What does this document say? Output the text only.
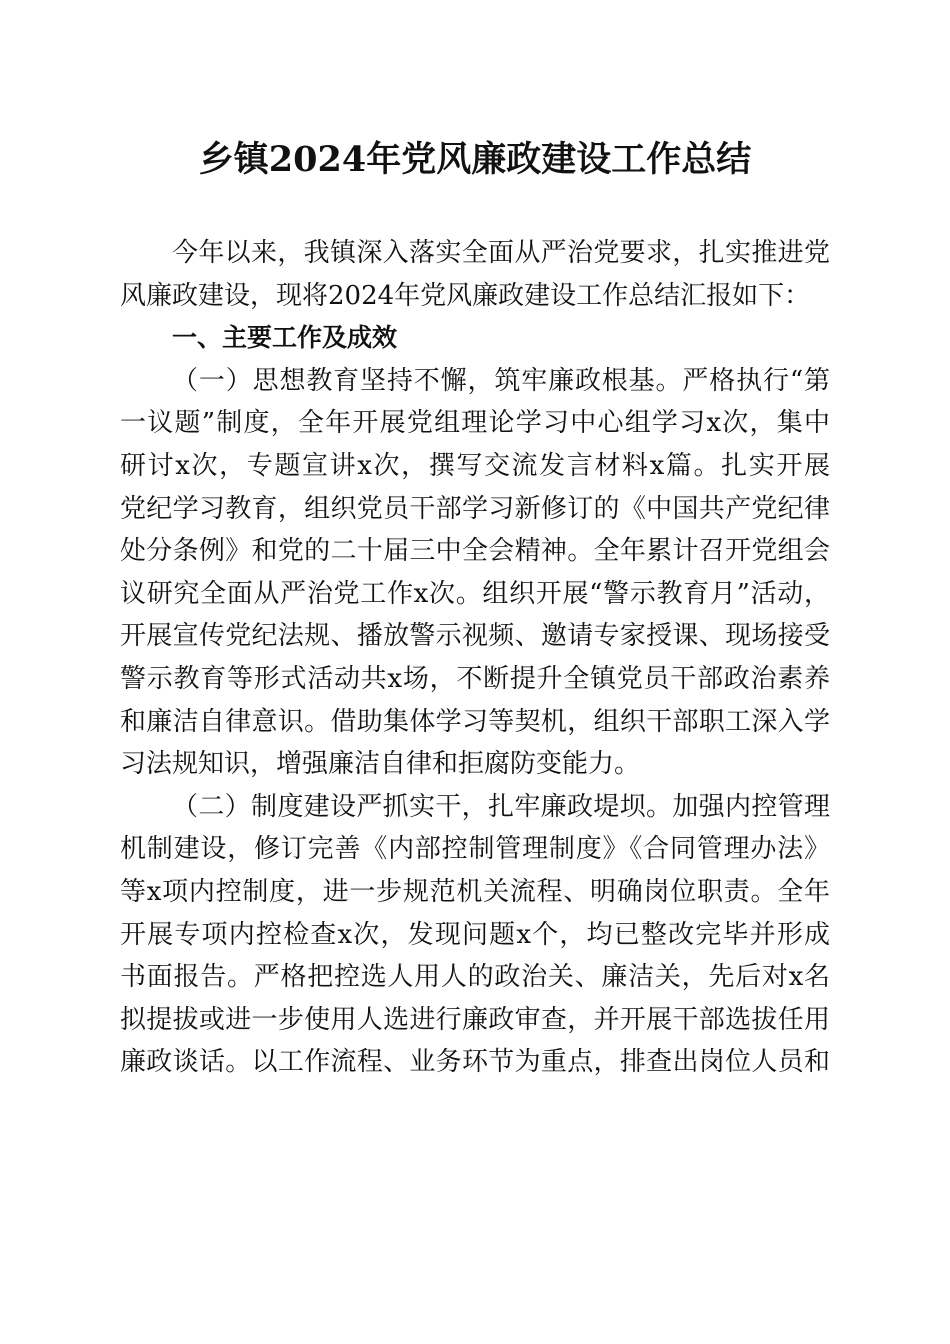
乡镇2024年党风廉政建设工作总结
今年以来，我镇深入落实全面从严治党要求，扎实推进党
风廉政建设，现将2024年党风廉政建设工作总结汇报如下：
一、主要工作及成效
（一）思想教育坚持不懈，筑牢廉政根基。严格执行“第
一议题”制度，全年开展党组理论学习中心组学习x次，集中
研讨x次，专题宣讲x次，撰写交流发言材料x篇。扎实开展
党纪学习教育，组织党员干部学习新修订的《中国共产党纪律
处分条例》和党的二十届三中全会精神。全年累计召开党组会
议研究全面从严治党工作x次。组织开展“警示教育月”活动，
开展宣传党纪法规、播放警示视频、邀请专家授课、现场接受
警示教育等形式活动共x场，不断提升全镇党员干部政治素养
和廉洁自律意识。借助集体学习等契机，组织干部职工深入学
习法规知识，增强廉洁自律和拒腐防变能力。
（二）制度建设严抓实干，扎牢廉政堤坝。加强内控管理
机制建设，修订完善《内部控制管理制度》《合同管理办法》
等x项内控制度，进一步规范机关流程、明确岗位职责。全年
开展专项内控检查x次，发现问题x个，均已整改完毕并形成
书面报告。严格把控选人用人的政治关、廉洁关，先后对x名
拟提拔或进一步使用人选进行廉政审查，并开展干部选拔任用
廉政谈话。以工作流程、业务环节为重点，排查出岗位人员和
